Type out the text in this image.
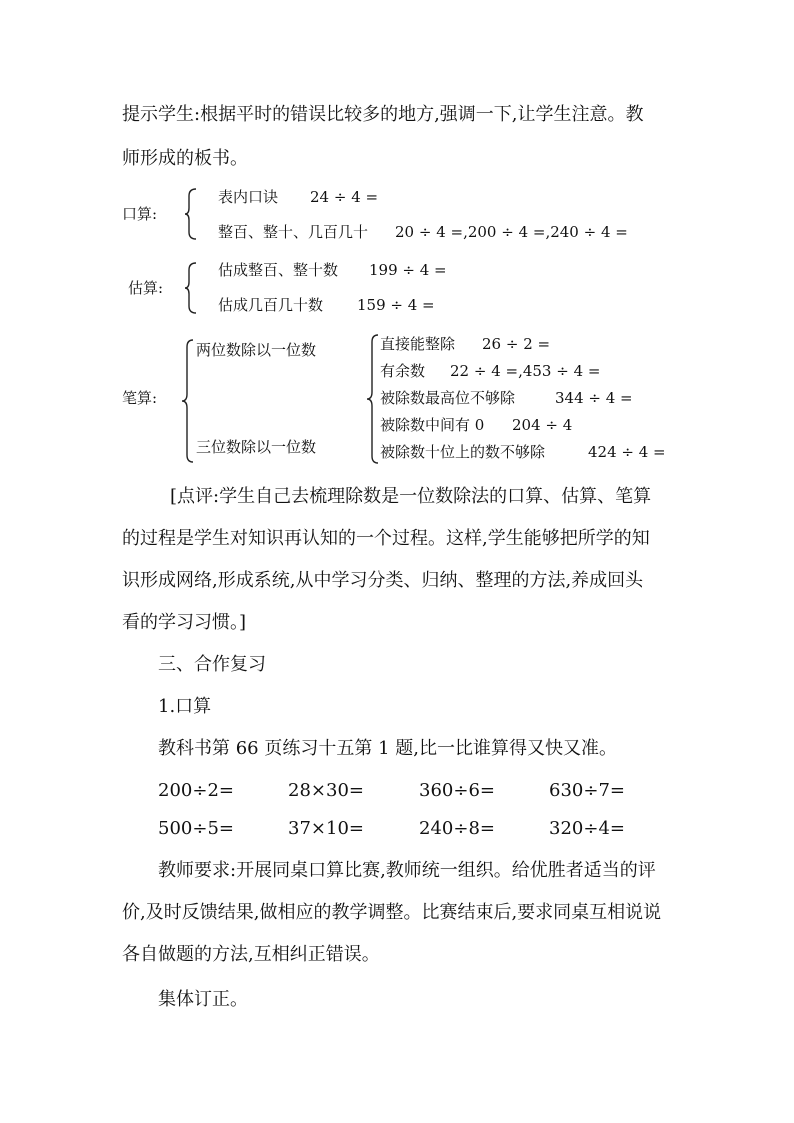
提示学生:根据平时的错误比较多的地方,强调一下,让学生注意。教
师形成的板书。
口算:
表内口诀 24 ÷ 4 =
整百、整十、几百几十 20 ÷ 4 =,200 ÷ 4 =,240 ÷ 4 =
估算:
估成整百、整十数 199 ÷ 4 =
估成几百几十数 159 ÷ 4 =
笔算:
两位数除以一位数
三位数除以一位数
直接能整除 26 ÷ 2 =
有余数 22 ÷ 4 =,453 ÷ 4 =
被除数最高位不够除	344 ÷ 4 =
被除数中间有 0 204 ÷ 4
被除数十位上的数不够除	424 ÷ 4 =
[点评:学生自己去梳理除数是一位数除法的口算、估算、笔算
的过程是学生对知识再认知的一个过程。这样,学生能够把所学的知
识形成网络,形成系统,从中学习分类、归纳、整理的方法,养成回头
看的学习习惯。]
三、合作复习
1.口算
教科书第 66 页练习十五第 1 题,比一比谁算得又快又准。
200÷2=	28×30=	360÷6=	630÷7=
500÷5=	37×10=	240÷8=	320÷4=
教师要求:开展同桌口算比赛,教师统一组织。给优胜者适当的评
价,及时反馈结果,做相应的教学调整。比赛结束后,要求同桌互相说说
各自做题的方法,互相纠正错误。
集体订正。
